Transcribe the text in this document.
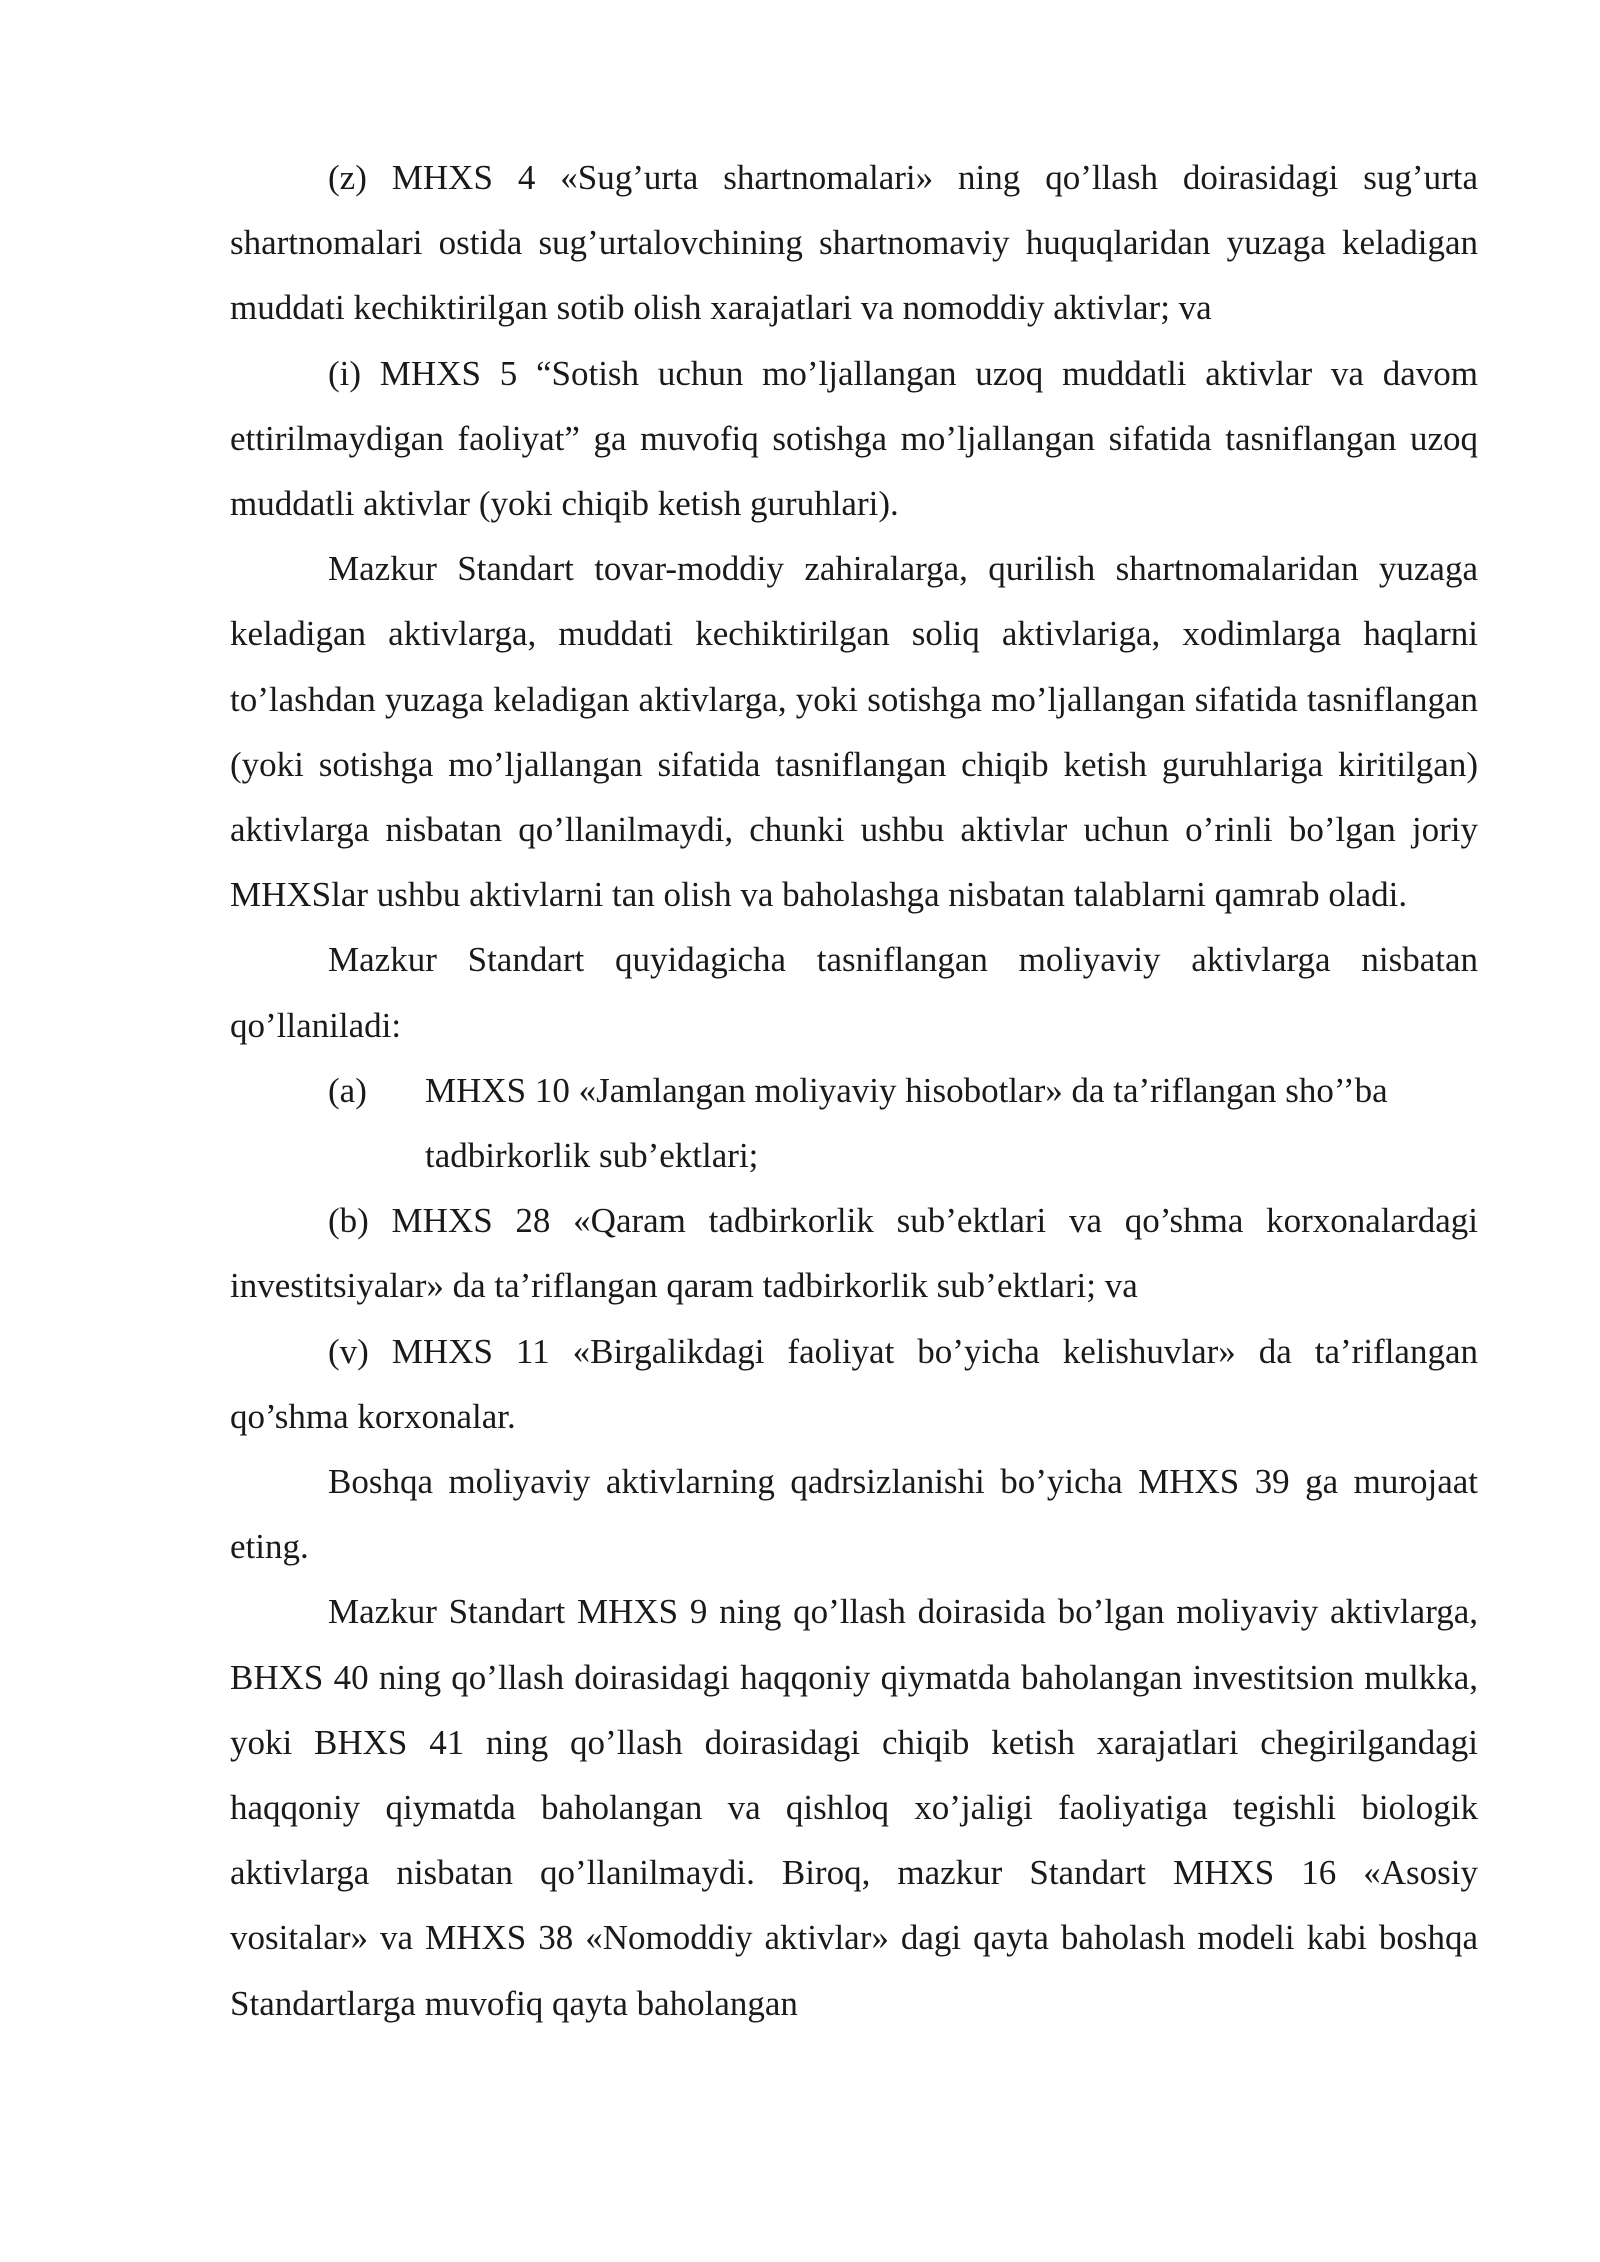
(z) MHXS 4 «Sug’urta shartnomalari» ning qo’llash doirasidagi sug’urta shartnomalari ostida sug’urtalovchining shartnomaviy huquqlaridan yuzaga keladigan muddati kechiktirilgan sotib olish xarajatlari va nomoddiy aktivlar; va

(i) MHXS 5 “Sotish uchun mo’ljallangan uzoq muddatli aktivlar va davom ettirilmaydigan faoliyat” ga muvofiq sotishga mo’ljallangan sifatida tasniflangan uzoq muddatli aktivlar (yoki chiqib ketish guruhlari).

Mazkur Standart tovar-moddiy zahiralarga, qurilish shartnomalaridan yuzaga keladigan aktivlarga, muddati kechiktirilgan soliq aktivlariga, xodimlarga haqlarni to’lashdan yuzaga keladigan aktivlarga, yoki sotishga mo’ljallangan sifatida tasniflangan (yoki sotishga mo’ljallangan sifatida tasniflangan chiqib ketish guruhlariga kiritilgan) aktivlarga nisbatan qo’llanilmaydi, chunki ushbu aktivlar uchun o’rinli bo’lgan joriy MHXSlar ushbu aktivlarni tan olish va baholashga nisbatan talablarni qamrab oladi.

Mazkur Standart quyidagicha tasniflangan moliyaviy aktivlarga nisbatan qo’llaniladi:

(a)	MHXS 10 «Jamlangan moliyaviy hisobotlar» da ta’riflangan sho’’ba tadbirkorlik sub’ektlari;

(b) MHXS 28 «Qaram tadbirkorlik sub’ektlari va qo’shma korxonalardagi investitsiyalar» da ta’riflangan qaram tadbirkorlik sub’ektlari; va

(v) MHXS 11 «Birgalikdagi faoliyat bo’yicha kelishuvlar» da ta’riflangan qo’shma korxonalar.

Boshqa moliyaviy aktivlarning qadrsizlanishi bo’yicha MHXS 39 ga murojaat eting.

Mazkur Standart MHXS 9 ning qo’llash doirasida bo’lgan moliyaviy aktivlarga, BHXS 40 ning qo’llash doirasidagi haqqoniy qiymatda baholangan investitsion mulkka, yoki BHXS 41 ning qo’llash doirasidagi chiqib ketish xarajatlari chegirilgandagi haqqoniy qiymatda baholangan va qishloq xo’jaligi faoliyatiga tegishli biologik aktivlarga nisbatan qo’llanilmaydi. Biroq, mazkur Standart MHXS 16 «Asosiy vositalar» va MHXS 38 «Nomoddiy aktivlar» dagi qayta baholash modeli kabi boshqa Standartlarga muvofiq qayta baholangan
